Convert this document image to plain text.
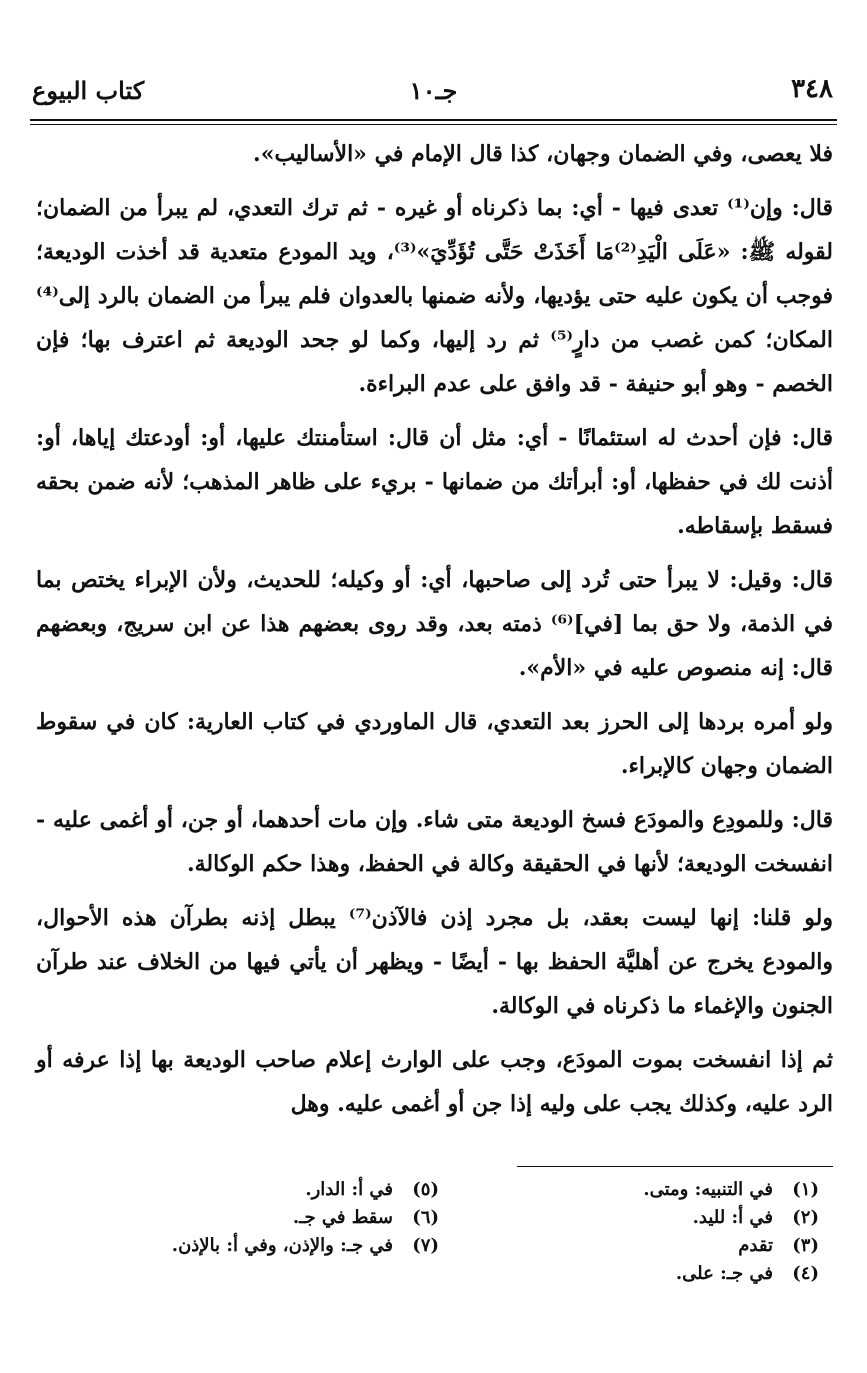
٣٤٨
جـ١٠
كتاب البيوع

فلا يعصى، وفي الضمان وجهان، كذا قال الإمام في «الأساليب».

قال: وإن⁽¹⁾ تعدى فيها - أي: بما ذكرناه أو غيره - ثم ترك التعدي، لم يبرأ من الضمان؛ لقوله ﷺ: «عَلَى الْيَدِ⁽²⁾مَا أَخَذَتْ حَتَّى تُؤَدِّيَ»⁽³⁾، ويد المودع متعدية قد أخذت الوديعة؛ فوجب أن يكون عليه حتى يؤديها، ولأنه ضمنها بالعدوان فلم يبرأ من الضمان بالرد إلى⁽⁴⁾ المكان؛ كمن غصب من دارٍ⁽⁵⁾ ثم رد إليها، وكما لو جحد الوديعة ثم اعترف بها؛ فإن الخصم - وهو أبو حنيفة - قد وافق على عدم البراءة.

قال: فإن أحدث له استئمانًا - أي: مثل أن قال: استأمنتك عليها، أو: أودعتك إياها، أو: أذنت لك في حفظها، أو: أبرأتك من ضمانها - بريء على ظاهر المذهب؛ لأنه ضمن بحقه فسقط بإسقاطه.

قال: وقيل: لا يبرأ حتى تُرد إلى صاحبها، أي: أو وكيله؛ للحديث، ولأن الإبراء يختص بما في الذمة، ولا حق بما [في]⁽⁶⁾ ذمته بعد، وقد روى بعضهم هذا عن ابن سريج، وبعضهم قال: إنه منصوص عليه في «الأم».

ولو أمره بردها إلى الحرز بعد التعدي، قال الماوردي في كتاب العارية: كان في سقوط الضمان وجهان كالإبراء.

قال: وللمودِع والمودَع فسخ الوديعة متى شاء. وإن مات أحدهما، أو جن، أو أغمى عليه - انفسخت الوديعة؛ لأنها في الحقيقة وكالة في الحفظ، وهذا حكم الوكالة.

ولو قلنا: إنها ليست بعقد، بل مجرد إذن فالآذن⁽⁷⁾ يبطل إذنه بطرآن هذه الأحوال، والمودع يخرج عن أهليَّة الحفظ بها - أيضًا - ويظهر أن يأتي فيها من الخلاف عند طرآن الجنون والإغماء ما ذكرناه في الوكالة.

ثم إذا انفسخت بموت المودَع، وجب على الوارث إعلام صاحب الوديعة بها إذا عرفه أو الرد عليه، وكذلك يجب على وليه إذا جن أو أغمى عليه. وهل

(١)في التنبيه: ومتى.
(٢)في أ: لليد.
(٣)تقدم
(٤)في جـ: على.
(٥)في أ: الدار.
(٦)سقط في جـ.
(٧)في جـ: والإذن، وفي أ: بالإذن.
